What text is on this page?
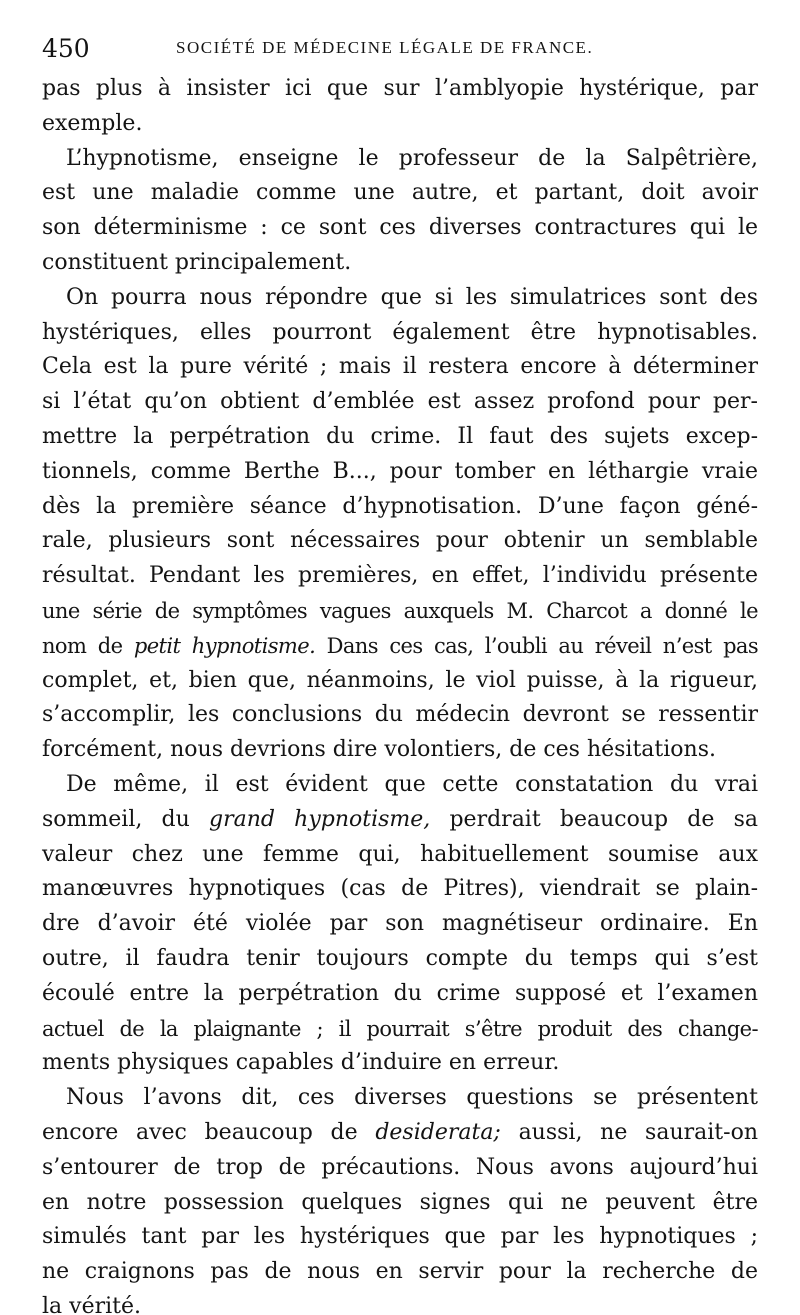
450	SOCIÉTÉ DE MÉDECINE LÉGALE DE FRANCE.
pas plus à insister ici que sur l’amblyopie hystérique, par
exemple.
L’hypnotisme, enseigne le professeur de la Salpêtrière,
est une maladie comme une autre, et partant, doit avoir
son déterminisme : ce sont ces diverses contractures qui le
constituent principalement.
On pourra nous répondre que si les simulatrices sont des
hystériques, elles pourront également être hypnotisables.
Cela est la pure vérité ; mais il restera encore à déterminer
si l’état qu’on obtient d’emblée est assez profond pour per-
mettre la perpétration du crime. Il faut des sujets excep-
tionnels, comme Berthe B..., pour tomber en léthargie vraie
dès la première séance d’hypnotisation. D’une façon géné-
rale, plusieurs sont nécessaires pour obtenir un semblable
résultat. Pendant les premières, en effet, l’individu présente
une série de symptômes vagues auxquels M. Charcot a donné le
nom de petit hypnotisme. Dans ces cas, l’oubli au réveil n’est pas
complet, et, bien que, néanmoins, le viol puisse, à la rigueur,
s’accomplir, les conclusions du médecin devront se ressentir
forcément, nous devrions dire volontiers, de ces hésitations.
De même, il est évident que cette constatation du vrai
sommeil, du grand hypnotisme, perdrait beaucoup de sa
valeur chez une femme qui, habituellement soumise aux
manœuvres hypnotiques (cas de Pitres), viendrait se plain-
dre d’avoir été violée par son magnétiseur ordinaire. En
outre, il faudra tenir toujours compte du temps qui s’est
écoulé entre la perpétration du crime supposé et l’examen
actuel de la plaignante ; il pourrait s’être produit des change-
ments physiques capables d’induire en erreur.
Nous l’avons dit, ces diverses questions se présentent
encore avec beaucoup de desiderata; aussi, ne saurait-on
s’entourer de trop de précautions. Nous avons aujourd’hui
en notre possession quelques signes qui ne peuvent être
simulés tant par les hystériques que par les hypnotiques ;
ne craignons pas de nous en servir pour la recherche de
la vérité.
